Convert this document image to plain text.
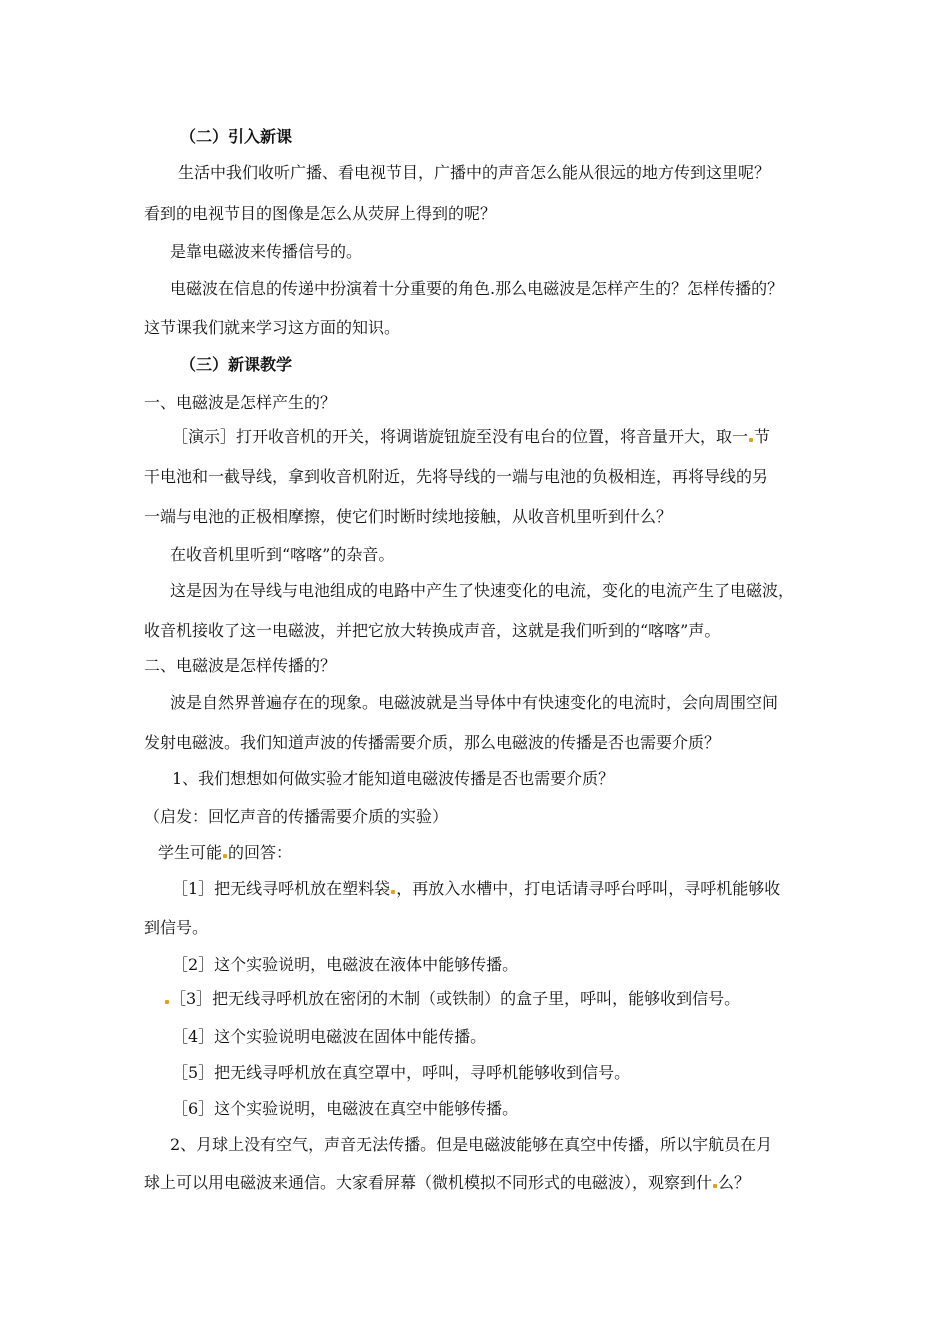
（二）引入新课
生活中我们收听广播、看电视节目，广播中的声音怎么能从很远的地方传到这里呢？
看到的电视节目的图像是怎么从荧屏上得到的呢？
是靠电磁波来传播信号的。
电磁波在信息的传递中扮演着十分重要的角色.那么电磁波是怎样产生的？怎样传播的？
这节课我们就来学习这方面的知识。
（三）新课教学
一、电磁波是怎样产生的？
［演示］打开收音机的开关，将调谐旋钮旋至没有电台的位置，将音量开大，取一 节
干电池和一截导线，拿到收音机附近，先将导线的一端与电池的负极相连，再将导线的另
一端与电池的正极相摩擦，使它们时断时续地接触，从收音机里听到什么？
在收音机里听到“喀喀”的杂音。
这是因为在导线与电池组成的电路中产生了快速变化的电流，变化的电流产生了电磁波，
收音机接收了这一电磁波，并把它放大转换成声音，这就是我们听到的“喀喀”声。
二、电磁波是怎样传播的？
波是自然界普遍存在的现象。电磁波就是当导体中有快速变化的电流时，会向周围空间
发射电磁波。我们知道声波的传播需要介质，那么电磁波的传播是否也需要介质？
1、我们想想如何做实验才能知道电磁波传播是否也需要介质？
（启发：回忆声音的传播需要介质的实验）
学生可能 的回答：
［1］把无线寻呼机放在塑料袋 ，再放入水槽中，打电话请寻呼台呼叫，寻呼机能够收
到信号。
［2］这个实验说明，电磁波在液体中能够传播。
［3］把无线寻呼机放在密闭的木制（或铁制）的盒子里，呼叫，能够收到信号。
［4］这个实验说明电磁波在固体中能传播。
［5］把无线寻呼机放在真空罩中，呼叫，寻呼机能够收到信号。
［6］这个实验说明，电磁波在真空中能够传播。
2、月球上没有空气，声音无法传播。但是电磁波能够在真空中传播，所以宇航员在月
球上可以用电磁波来通信。大家看屏幕（微机模拟不同形式的电磁波），观察到什 么？
